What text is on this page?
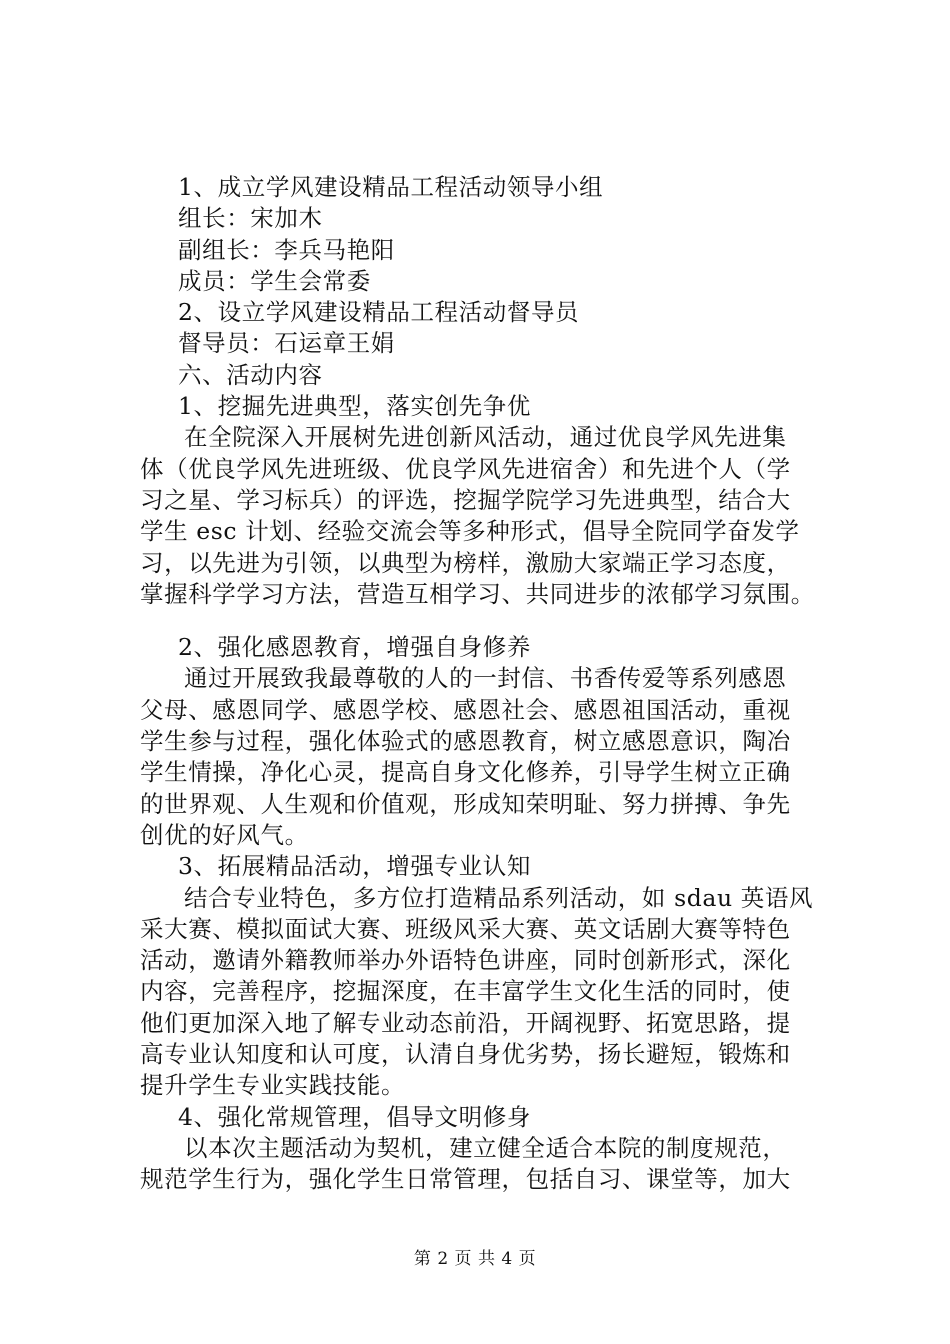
1、成立学风建设精品工程活动领导小组
组长：宋加木
副组长：李兵马艳阳
成员：学生会常委
2、设立学风建设精品工程活动督导员
督导员：石运章王娟
六、活动内容
1、挖掘先进典型，落实创先争优
在全院深入开展树先进创新风活动，通过优良学风先进集
体（优良学风先进班级、优良学风先进宿舍）和先进个人（学
习之星、学习标兵）的评选，挖掘学院学习先进典型，结合大
学生 esc 计划、经验交流会等多种形式，倡导全院同学奋发学
习，以先进为引领，以典型为榜样，激励大家端正学习态度，
掌握科学学习方法，营造互相学习、共同进步的浓郁学习氛围。
2、强化感恩教育，增强自身修养
通过开展致我最尊敬的人的一封信、书香传爱等系列感恩
父母、感恩同学、感恩学校、感恩社会、感恩祖国活动，重视
学生参与过程，强化体验式的感恩教育，树立感恩意识，陶冶
学生情操，净化心灵，提高自身文化修养，引导学生树立正确
的世界观、人生观和价值观，形成知荣明耻、努力拼搏、争先
创优的好风气。
3、拓展精品活动，增强专业认知
结合专业特色，多方位打造精品系列活动，如 sdau 英语风
采大赛、模拟面试大赛、班级风采大赛、英文话剧大赛等特色
活动，邀请外籍教师举办外语特色讲座，同时创新形式，深化
内容，完善程序，挖掘深度，在丰富学生文化生活的同时，使
他们更加深入地了解专业动态前沿，开阔视野、拓宽思路，提
高专业认知度和认可度，认清自身优劣势，扬长避短，锻炼和
提升学生专业实践技能。
4、强化常规管理，倡导文明修身
以本次主题活动为契机，建立健全适合本院的制度规范，
规范学生行为，强化学生日常管理，包括自习、课堂等，加大
第 2 页 共 4 页
